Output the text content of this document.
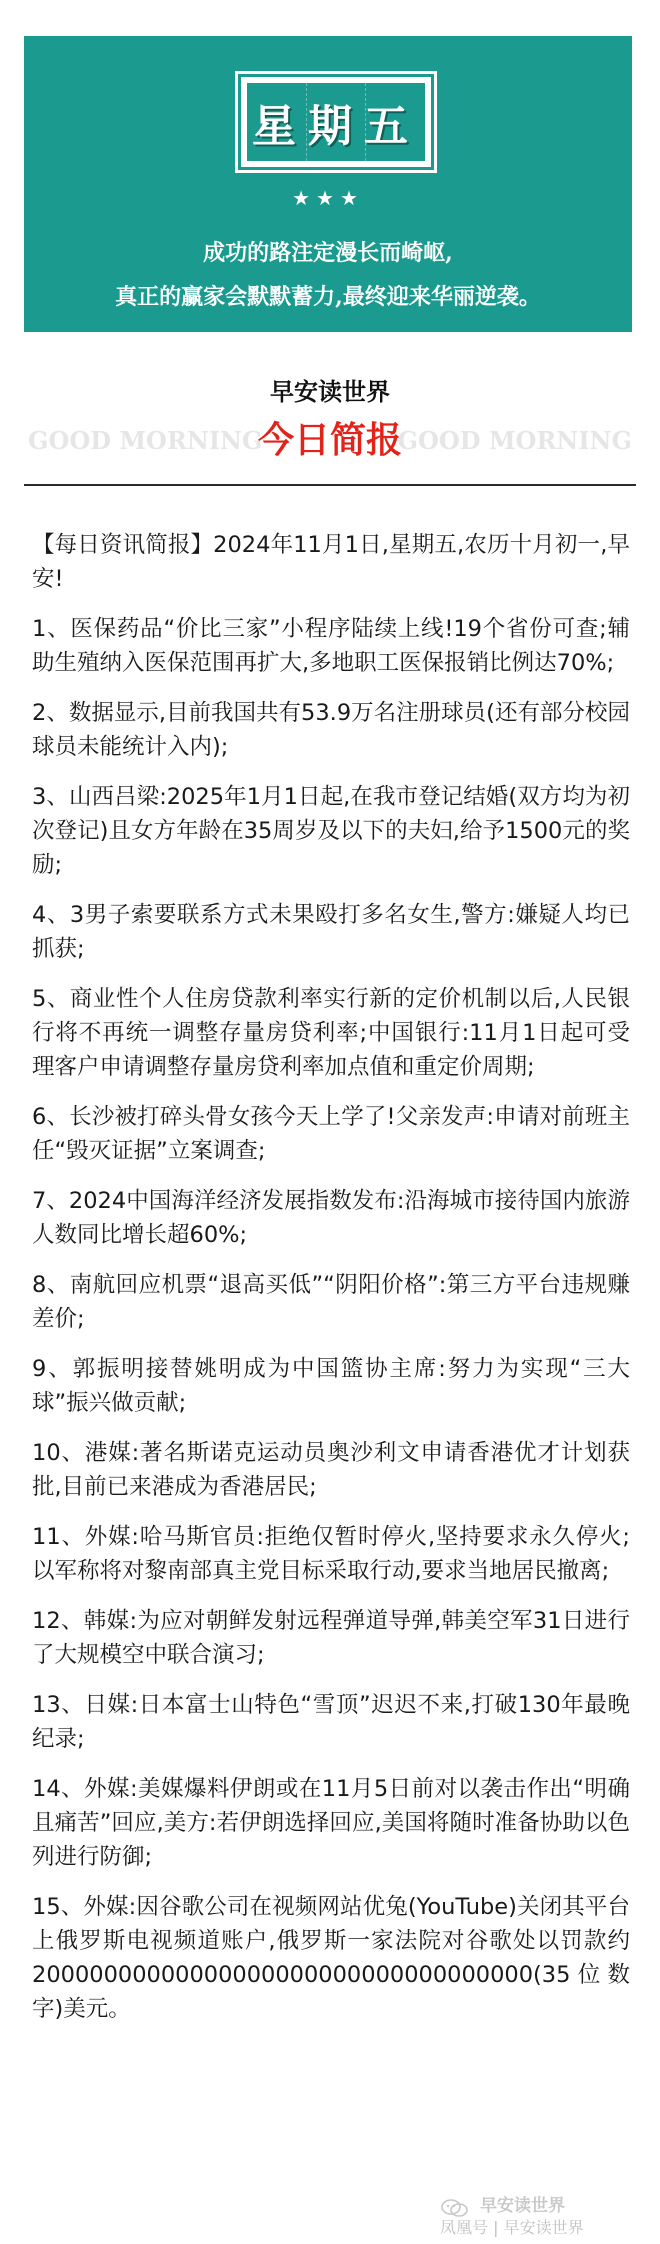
星期五
★★★
成功的路注定漫长而崎岖,
真正的赢家会默默蓄力,最终迎来华丽逆袭。
早安读世界
GOOD MORNING
今日简报
GOOD MORNING

【每日资讯简报】2024年11月1日,星期五,农历十月初一,早安!

1、医保药品“价比三家”小程序陆续上线!19个省份可查;辅助生殖纳入医保范围再扩大,多地职工医保报销比例达70%;

2、数据显示,目前我国共有53.9万名注册球员(还有部分校园球员未能统计入内);

3、山西吕梁:2025年1月1日起,在我市登记结婚(双方均为初次登记)且女方年龄在35周岁及以下的夫妇,给予1500元的奖励;

4、3男子索要联系方式未果殴打多名女生,警方:嫌疑人均已抓获;

5、商业性个人住房贷款利率实行新的定价机制以后,人民银行将不再统一调整存量房贷利率;中国银行:11月1日起可受理客户申请调整存量房贷利率加点值和重定价周期;

6、长沙被打碎头骨女孩今天上学了!父亲发声:申请对前班主任“毁灭证据”立案调查;

7、2024中国海洋经济发展指数发布:沿海城市接待国内旅游人数同比增长超60%;

8、南航回应机票“退高买低”“阴阳价格”:第三方平台违规赚差价;

9、郭振明接替姚明成为中国篮协主席:努力为实现“三大球”振兴做贡献;

10、港媒:著名斯诺克运动员奥沙利文申请香港优才计划获批,目前已来港成为香港居民;

11、外媒:哈马斯官员:拒绝仅暂时停火,坚持要求永久停火;以军称将对黎南部真主党目标采取行动,要求当地居民撤离;

12、韩媒:为应对朝鲜发射远程弹道导弹,韩美空军31日进行了大规模空中联合演习;

13、日媒:日本富士山特色“雪顶”迟迟不来,打破130年最晚纪录;

14、外媒:美媒爆料伊朗或在11月5日前对以袭击作出“明确且痛苦”回应,美方:若伊朗选择回应,美国将随时准备协助以色列进行防御;

15、外媒:因谷歌公司在视频网站优兔(YouTube)关闭其平台上俄罗斯电视频道账户,俄罗斯一家法院对谷歌处以罚款约20000000000000000000000000000000000(35位数字)美元。

早安读世界
凤凰号 | 早安读世界
